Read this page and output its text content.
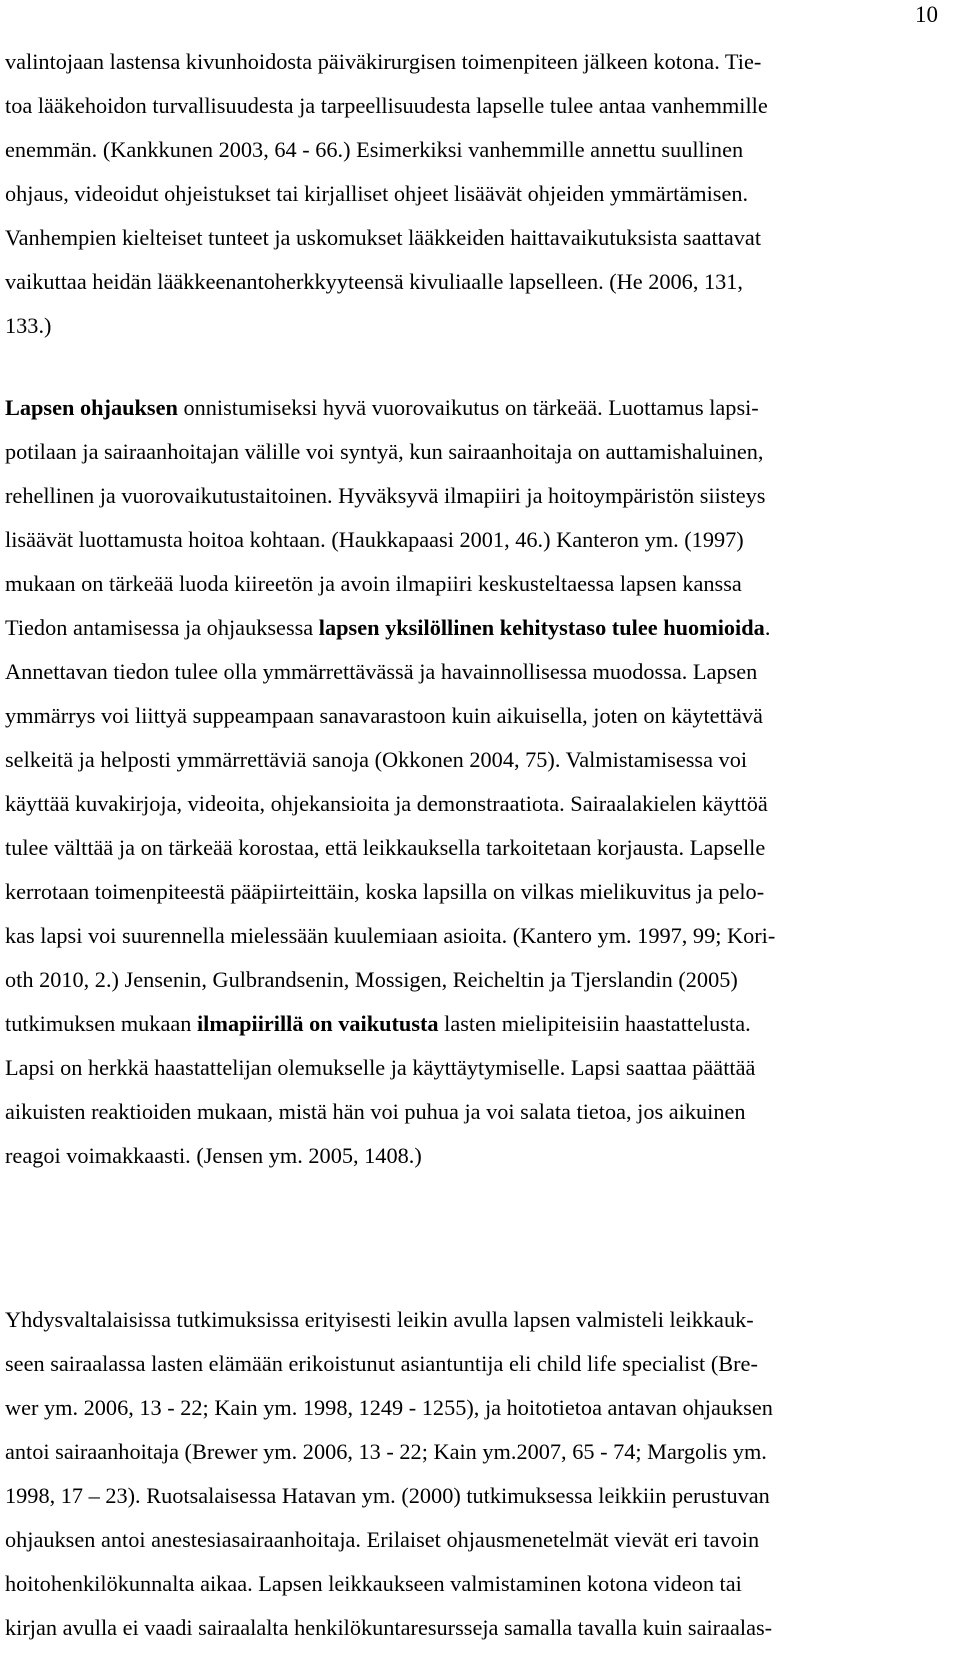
10
valintojaan lastensa kivunhoidosta päiväkirurgisen toimenpiteen jälkeen kotona. Tie-
toa lääkehoidon turvallisuudesta ja tarpeellisuudesta lapselle tulee antaa vanhemmille
enemmän. (Kankkunen 2003, 64 - 66.) Esimerkiksi vanhemmille annettu suullinen
ohjaus, videoidut ohjeistukset tai kirjalliset ohjeet lisäävät ohjeiden ymmärtämisen.
Vanhempien kielteiset tunteet ja uskomukset lääkkeiden haittavaikutuksista saattavat
vaikuttaa heidän lääkkeenantoherkkyyteensä kivuliaalle lapselleen. (He 2006, 131,
133.)
Lapsen ohjauksen onnistumiseksi hyvä vuorovaikutus on tärkeää. Luottamus lapsi-
potilaan ja sairaanhoitajan välille voi syntyä, kun sairaanhoitaja on auttamishaluinen,
rehellinen ja vuorovaikutustaitoinen. Hyväksyvä ilmapiiri ja hoitoympäristön siisteys
lisäävät luottamusta hoitoa kohtaan. (Haukkapaasi 2001, 46.) Kanteron ym. (1997)
mukaan on tärkeää luoda kiireetön ja avoin ilmapiiri keskusteltaessa lapsen kanssa
Tiedon antamisessa ja ohjauksessa lapsen yksilöllinen kehitystaso tulee huomioida.
Annettavan tiedon tulee olla ymmärrettävässä ja havainnollisessa muodossa. Lapsen
ymmärrys voi liittyä suppeampaan sanavarastoon kuin aikuisella, joten on käytettävä
selkeitä ja helposti ymmärrettäviä sanoja (Okkonen 2004, 75). Valmistamisessa voi
käyttää kuvakirjoja, videoita, ohjekansioita ja demonstraatiota. Sairaalakielen käyttöä
tulee välttää ja on tärkeää korostaa, että leikkauksella tarkoitetaan korjausta. Lapselle
kerrotaan toimenpiteestä pääpiirteittäin, koska lapsilla on vilkas mielikuvitus ja pelo-
kas lapsi voi suurennella mielessään kuulemiaan asioita. (Kantero ym. 1997, 99; Kori-
oth 2010, 2.) Jensenin, Gulbrandsenin, Mossigen, Reicheltin ja Tjerslandin (2005)
tutkimuksen mukaan ilmapiirillä on vaikutusta lasten mielipiteisiin haastattelusta.
Lapsi on herkkä haastattelijan olemukselle ja käyttäytymiselle. Lapsi saattaa päättää
aikuisten reaktioiden mukaan, mistä hän voi puhua ja voi salata tietoa, jos aikuinen
reagoi voimakkaasti. (Jensen ym. 2005, 1408.)
Yhdysvaltalaisissa tutkimuksissa erityisesti leikin avulla lapsen valmisteli leikkauk-
seen sairaalassa lasten elämään erikoistunut asiantuntija eli child life specialist (Bre-
wer ym. 2006, 13 - 22; Kain ym. 1998, 1249 - 1255), ja hoitotietoa antavan ohjauksen
antoi sairaanhoitaja (Brewer ym. 2006, 13 - 22; Kain ym.2007, 65 - 74; Margolis ym.
1998, 17 – 23). Ruotsalaisessa Hatavan ym. (2000) tutkimuksessa leikkiin perustuvan
ohjauksen antoi anestesiasairaanhoitaja. Erilaiset ohjausmenetelmät vievät eri tavoin
hoitohenkilökunnalta aikaa. Lapsen leikkaukseen valmistaminen kotona videon tai
kirjan avulla ei vaadi sairaalalta henkilökuntaresursseja samalla tavalla kuin sairaalas-
